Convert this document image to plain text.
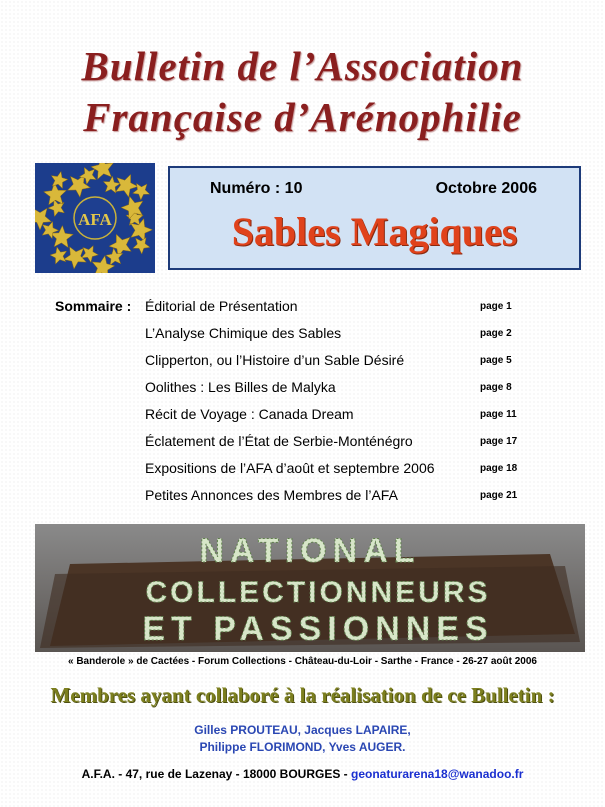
Bulletin de l’Association
Française d’Arénophilie
AFA
Numéro : 10	Octobre 2006
Sables Magiques
Sommaire : Éditorial de Présentation	page 1
L’Analyse Chimique des Sables	page 2
Clipperton, ou l’Histoire d’un Sable Désiré	page 5
Oolithes : Les Billes de Malyka	page 8
Récit de Voyage : Canada Dream	page 11
Éclatement de l’État de Serbie-Monténégro	page 17
Expositions de l’AFA d’août et septembre 2006	page 18
Petites Annonces des Membres de l’AFA	page 21
NATIONAL
COLLECTIONNEURS
ET PASSIONNES
« Banderole » de Cactées - Forum Collections - Château-du-Loir - Sarthe - France - 26-27 août 2006
Membres ayant collaboré à la réalisation de ce Bulletin :
Gilles PROUTEAU, Jacques LAPAIRE,
Philippe FLORIMOND, Yves AUGER.
A.F.A. - 47, rue de Lazenay - 18000 BOURGES - geonaturarena18@wanadoo.fr
